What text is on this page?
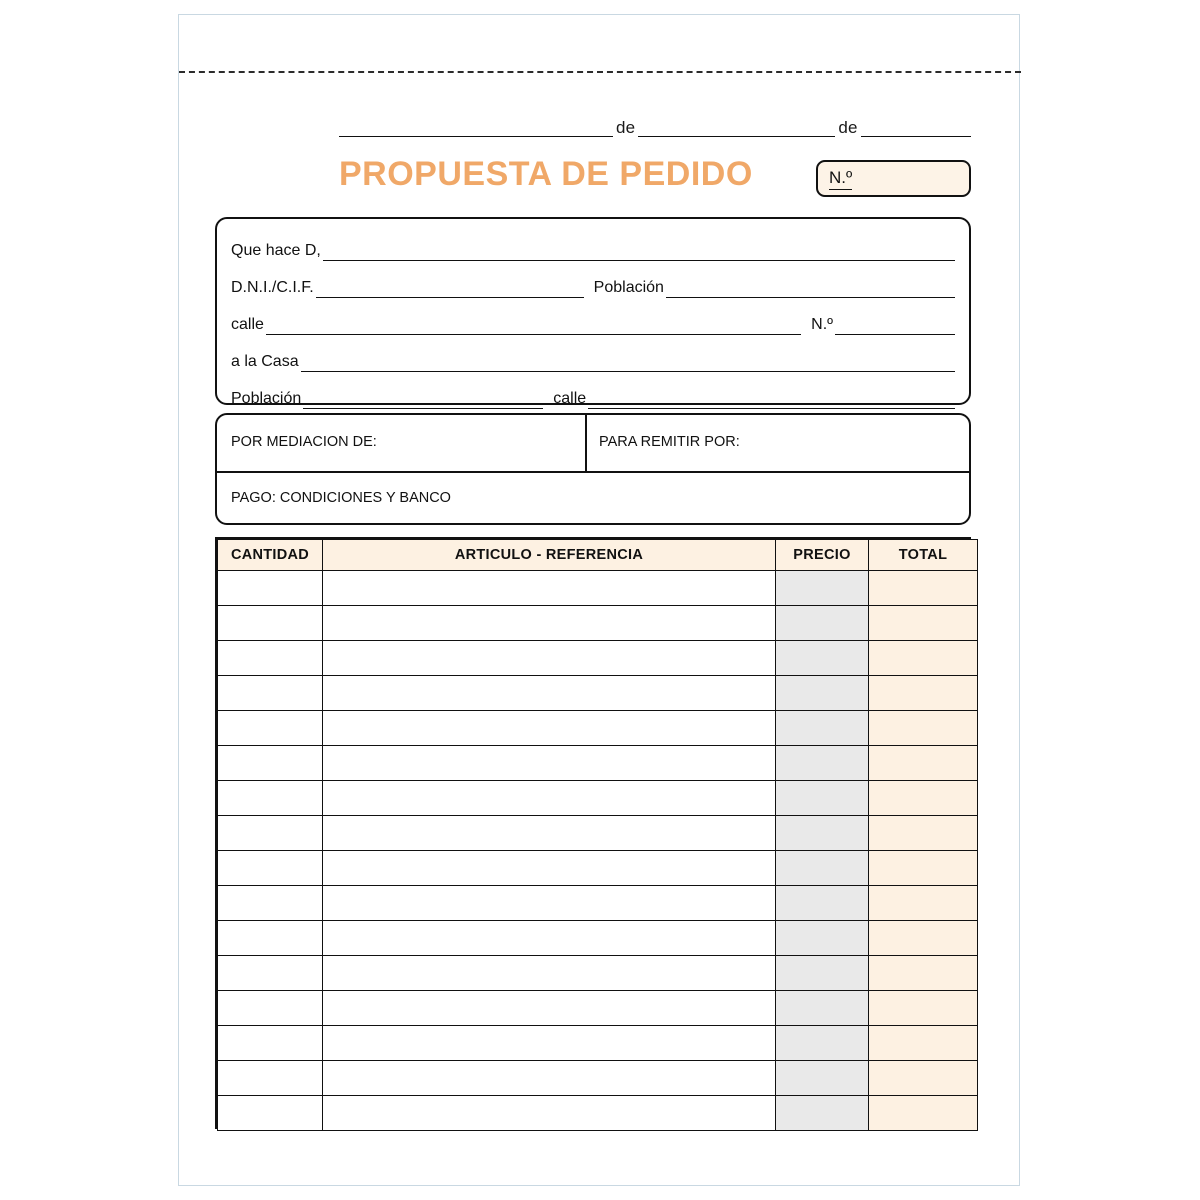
de	de
PROPUESTA DE PEDIDO	N.º
Que hace D,
D.N.I./C.I.F.	Población
calle	N.º
a la Casa
Población	calle
POR MEDIACION DE:	PARA REMITIR POR:
PAGO: CONDICIONES Y BANCO
CANTIDAD	ARTICULO - REFERENCIA	PRECIO	TOTAL
